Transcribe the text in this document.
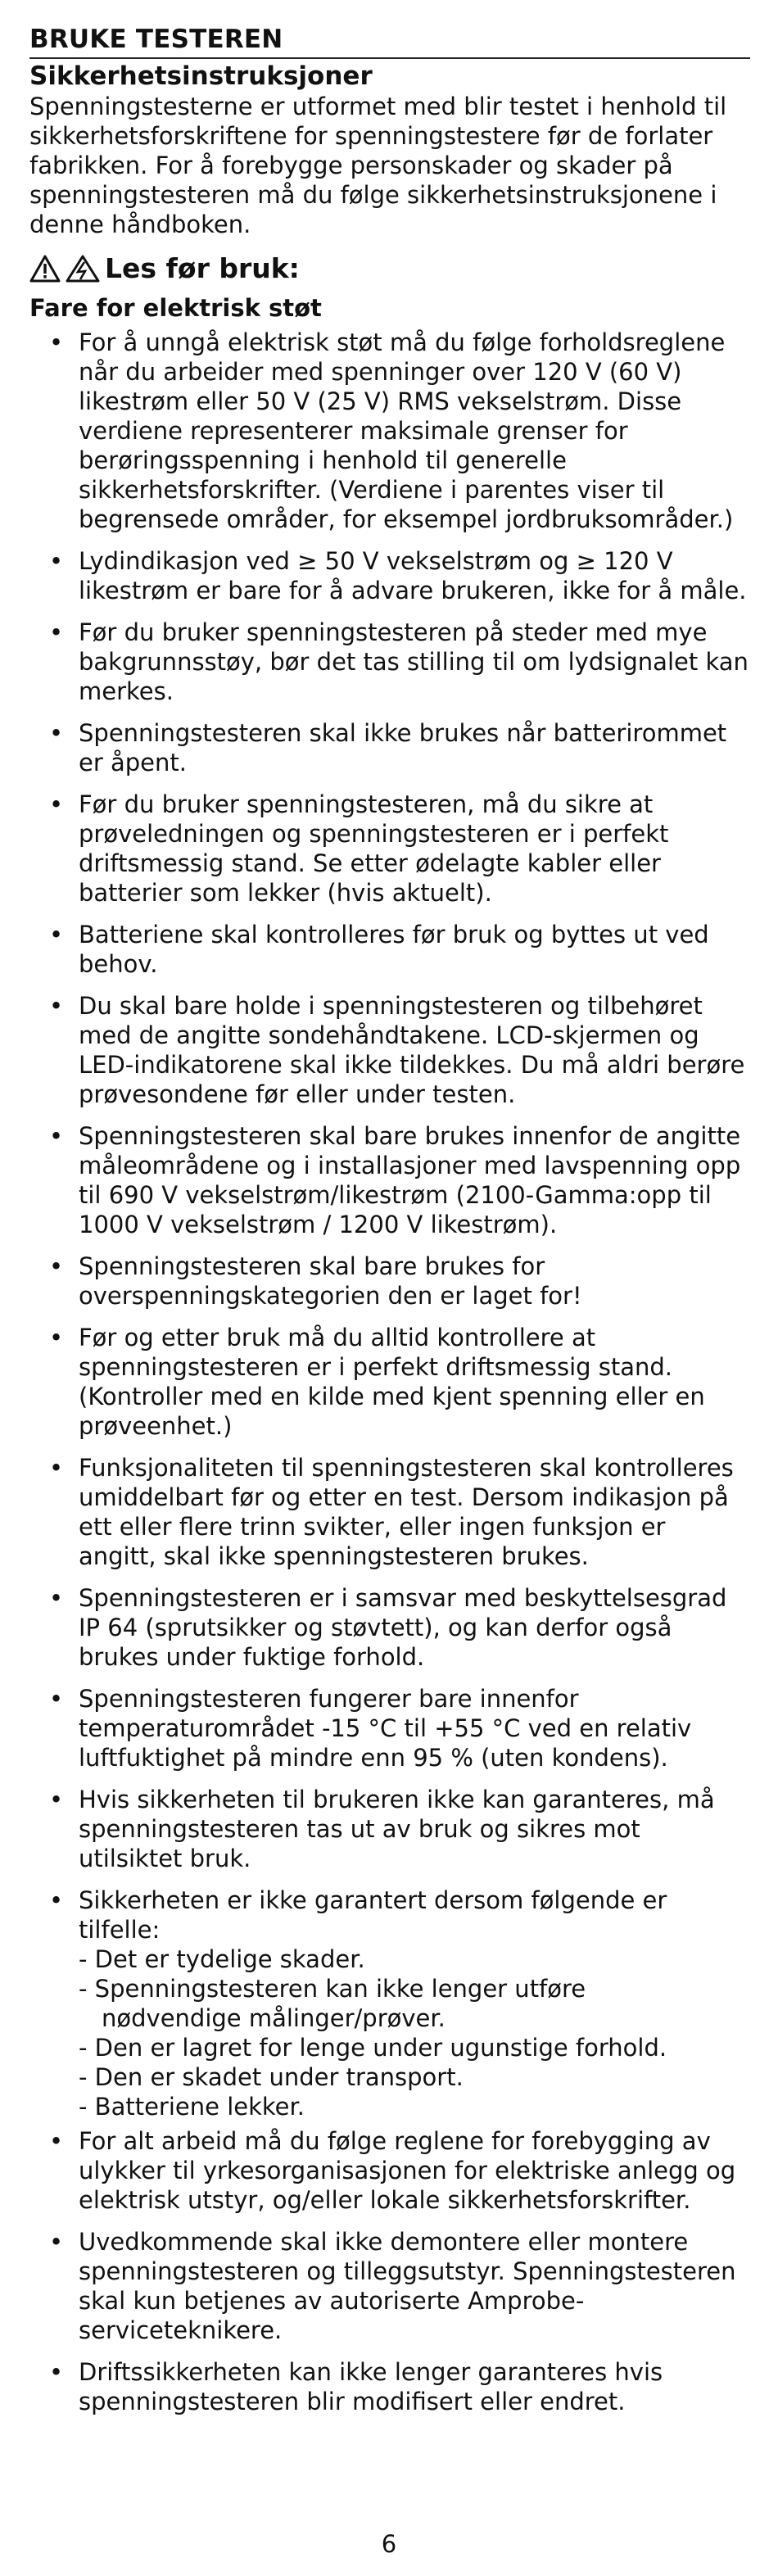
BRUKE TESTEREN
Sikkerhetsinstruksjoner

Spenningstesterne er utformet med blir testet i henhold til sikkerhetsforskriftene for spenningstestere før de forlater fabrikken. For å forebygge personskader og skader på spenningstesteren må du følge sikkerhetsinstruksjonene i denne håndboken.

Les før bruk:
Fare for elektrisk støt
• For å unngå elektrisk støt må du følge forholdsreglene når du arbeider med spenninger over 120 V (60 V) likestrøm eller 50 V (25 V) RMS vekselstrøm. Disse verdiene representerer maksimale grenser for berøringsspenning i henhold til generelle sikkerhetsforskrifter. (Verdiene i parentes viser til begrensede områder, for eksempel jordbruksområder.)
• Lydindikasjon ved ≥ 50 V vekselstrøm og ≥ 120 V likestrøm er bare for å advare brukeren, ikke for å måle.
• Før du bruker spenningstesteren på steder med mye bakgrunnsstøy, bør det tas stilling til om lydsignalet kan merkes.
• Spenningstesteren skal ikke brukes når batterirommet er åpent.
• Før du bruker spenningstesteren, må du sikre at prøveledningen og spenningstesteren er i perfekt driftsmessig stand. Se etter ødelagte kabler eller batterier som lekker (hvis aktuelt).
• Batteriene skal kontrolleres før bruk og byttes ut ved behov.
• Du skal bare holde i spenningstesteren og tilbehøret med de angitte sondehåndtakene. LCD-skjermen og LED-indikatorene skal ikke tildekkes. Du må aldri berøre prøvesondene før eller under testen.
• Spenningstesteren skal bare brukes innenfor de angitte måleområdene og i installasjoner med lavspenning opp til 690 V vekselstrøm/likestrøm (2100-Gamma:opp til 1000 V vekselstrøm / 1200 V likestrøm).
• Spenningstesteren skal bare brukes for overspenningskategorien den er laget for!
• Før og etter bruk må du alltid kontrollere at spenningstesteren er i perfekt driftsmessig stand. (Kontroller med en kilde med kjent spenning eller en prøveenhet.)
• Funksjonaliteten til spenningstesteren skal kontrolleres umiddelbart før og etter en test. Dersom indikasjon på ett eller flere trinn svikter, eller ingen funksjon er angitt, skal ikke spenningstesteren brukes.
• Spenningstesteren er i samsvar med beskyttelsesgrad IP 64 (sprutsikker og støvtett), og kan derfor også brukes under fuktige forhold.
• Spenningstesteren fungerer bare innenfor temperaturområdet -15 °C til +55 °C ved en relativ luftfuktighet på mindre enn 95 % (uten kondens).
• Hvis sikkerheten til brukeren ikke kan garanteres, må spenningstesteren tas ut av bruk og sikres mot utilsiktet bruk.
• Sikkerheten er ikke garantert dersom følgende er tilfelle:
- Det er tydelige skader.
- Spenningstesteren kan ikke lenger utføre
nødvendige målinger/prøver.
- Den er lagret for lenge under ugunstige forhold.
- Den er skadet under transport.
- Batteriene lekker.
• For alt arbeid må du følge reglene for forebygging av ulykker til yrkesorganisasjonen for elektriske anlegg og elektrisk utstyr, og/eller lokale sikkerhetsforskrifter.
• Uvedkommende skal ikke demontere eller montere spenningstesteren og tilleggsutstyr. Spenningstesteren skal kun betjenes av autoriserte Amprobe-serviceteknikere.
• Driftssikkerheten kan ikke lenger garanteres hvis spenningstesteren blir modifisert eller endret.
6
